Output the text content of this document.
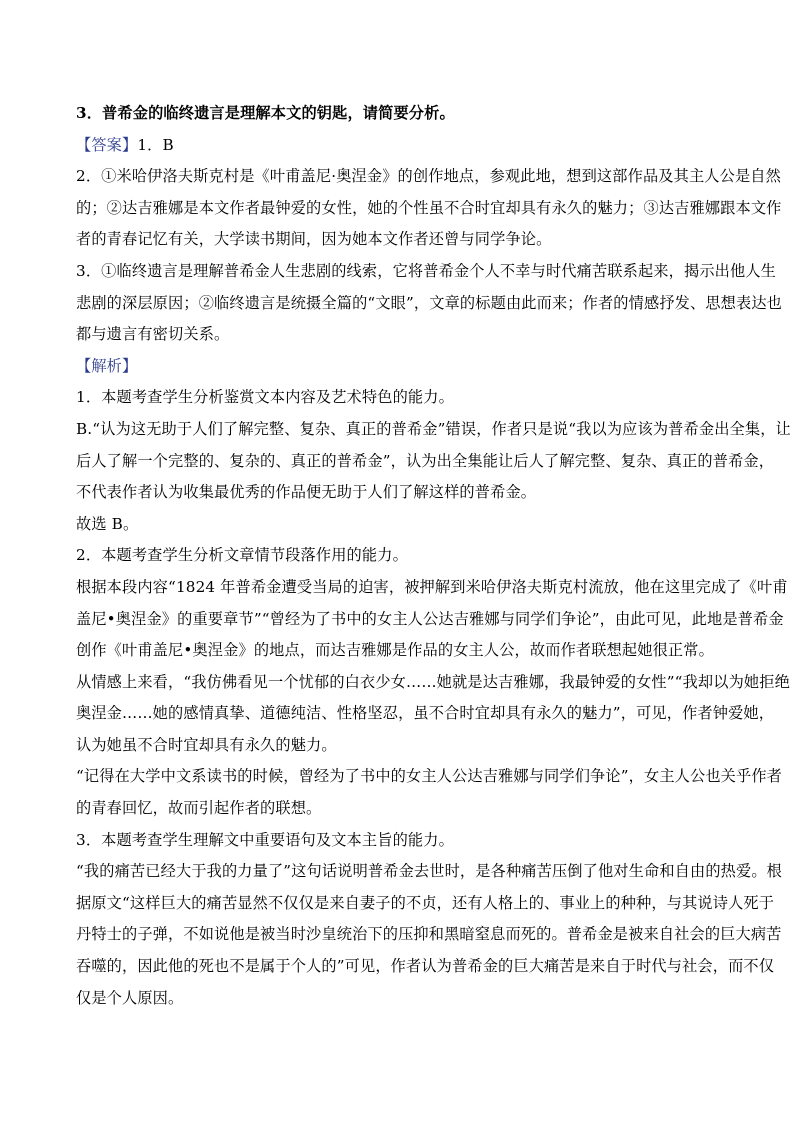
3．普希金的临终遗言是理解本文的钥匙，请简要分析。
【答案】1．B
2．①米哈伊洛夫斯克村是《叶甫盖尼·奥涅金》的创作地点，参观此地，想到这部作品及其主人公是自然
的；②达吉雅娜是本文作者最钟爱的女性，她的个性虽不合时宜却具有永久的魅力；③达吉雅娜跟本文作
者的青春记忆有关，大学读书期间，因为她本文作者还曾与同学争论。
3．①临终遗言是理解普希金人生悲剧的线索，它将普希金个人不幸与时代痛苦联系起来，揭示出他人生
悲剧的深层原因；②临终遗言是统摄全篇的“文眼”，文章的标题由此而来；作者的情感抒发、思想表达也
都与遗言有密切关系。
【解析】
1．本题考查学生分析鉴赏文本内容及艺术特色的能力。
B.“认为这无助于人们了解完整、复杂、真正的普希金”错误，作者只是说“我以为应该为普希金出全集，让
后人了解一个完整的、复杂的、真正的普希金”，认为出全集能让后人了解完整、复杂、真正的普希金，
不代表作者认为收集最优秀的作品便无助于人们了解这样的普希金。
故选 B。
2．本题考查学生分析文章情节段落作用的能力。
根据本段内容“1824 年普希金遭受当局的迫害，被押解到米哈伊洛夫斯克村流放，他在这里完成了《叶甫
盖尼•奥涅金》的重要章节”“曾经为了书中的女主人公达吉雅娜与同学们争论”，由此可见，此地是普希金
创作《叶甫盖尼•奥涅金》的地点，而达吉雅娜是作品的女主人公，故而作者联想起她很正常。
从情感上来看，“我仿佛看见一个忧郁的白衣少女……她就是达吉雅娜，我最钟爱的女性”“我却以为她拒绝
奥涅金……她的感情真挚、道德纯洁、性格坚忍，虽不合时宜却具有永久的魅力”，可见，作者钟爱她，
认为她虽不合时宜却具有永久的魅力。
“记得在大学中文系读书的时候，曾经为了书中的女主人公达吉雅娜与同学们争论”，女主人公也关乎作者
的青春回忆，故而引起作者的联想。
3．本题考查学生理解文中重要语句及文本主旨的能力。
“我的痛苦已经大于我的力量了”这句话说明普希金去世时，是各种痛苦压倒了他对生命和自由的热爱。根
据原文“这样巨大的痛苦显然不仅仅是来自妻子的不贞，还有人格上的、事业上的种种，与其说诗人死于
丹特士的子弹，不如说他是被当时沙皇统治下的压抑和黑暗窒息而死的。普希金是被来自社会的巨大病苦
吞噬的，因此他的死也不是属于个人的”可见，作者认为普希金的巨大痛苦是来自于时代与社会，而不仅
仅是个人原因。
